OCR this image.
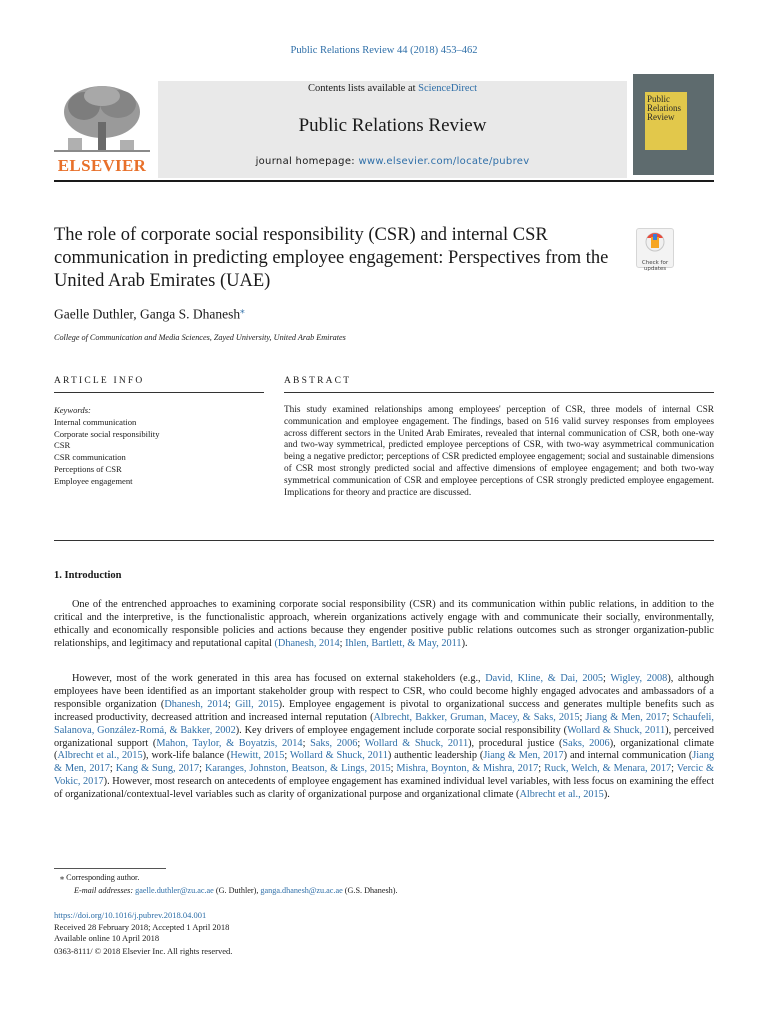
Public Relations Review 44 (2018) 453–462
ELSEVIER
Contents lists available at ScienceDirect
Public Relations Review
journal homepage: www.elsevier.com/locate/pubrev
Public Relations Review
The role of corporate social responsibility (CSR) and internal CSR communication in predicting employee engagement: Perspectives from the United Arab Emirates (UAE)
Check for updates
Gaelle Duthler, Ganga S. Dhanesh⁎
College of Communication and Media Sciences, Zayed University, United Arab Emirates
ARTICLE INFO	ABSTRACT
Keywords:
Internal communication
Corporate social responsibility
CSR
CSR communication
Perceptions of CSR
Employee engagement
This study examined relationships among employees' perception of CSR, three models of internal CSR communication and employee engagement. The findings, based on 516 valid survey responses from employees across different sectors in the United Arab Emirates, revealed that internal communication of CSR, both one-way and two-way symmetrical, predicted employee perceptions of CSR, with two-way asymmetrical communication being a negative predictor; perceptions of CSR predicted employee engagement; social and sustainable dimensions of CSR most strongly predicted social and affective dimensions of employee engagement; and both two-way symmetrical communication of CSR and employee perceptions of CSR strongly predicted employee engagement. Implications for theory and practice are discussed.
1. Introduction
One of the entrenched approaches to examining corporate social responsibility (CSR) and its communication within public relations, in addition to the critical and the interpretive, is the functionalistic approach, wherein organizations actively engage with and communicate their socially, environmentally, ethically and economically responsible policies and actions because they engender positive public relations outcomes such as stronger organization-public relationships, and legitimacy and reputational capital (Dhanesh, 2014; Ihlen, Bartlett, & May, 2011).
However, most of the work generated in this area has focused on external stakeholders (e.g., David, Kline, & Dai, 2005; Wigley, 2008), although employees have been identified as an important stakeholder group with respect to CSR, who could become highly engaged advocates and ambassadors of a responsible organization (Dhanesh, 2014; Gill, 2015). Employee engagement is pivotal to organizational success and generates multiple benefits such as increased productivity, decreased attrition and increased internal reputation (Albrecht, Bakker, Gruman, Macey, & Saks, 2015; Jiang & Men, 2017; Schaufeli, Salanova, González-Romá, & Bakker, 2002). Key drivers of employee engagement include corporate social responsibility (Wollard & Shuck, 2011), perceived organizational support (Mahon, Taylor, & Boyatzis, 2014; Saks, 2006; Wollard & Shuck, 2011), procedural justice (Saks, 2006), organizational climate (Albrecht et al., 2015), work-life balance (Hewitt, 2015; Wollard & Shuck, 2011) authentic leadership (Jiang & Men, 2017) and internal communication (Jiang & Men, 2017; Kang & Sung, 2017; Karanges, Johnston, Beatson, & Lings, 2015; Mishra, Boynton, & Mishra, 2017; Ruck, Welch, & Menara, 2017; Vercic & Vokic, 2017). However, most research on antecedents of employee engagement has examined individual level variables, with less focus on examining the effect of organizational/contextual-level variables such as clarity of organizational purpose and organizational climate (Albrecht et al., 2015).
⁎ Corresponding author.
E-mail addresses: gaelle.duthler@zu.ac.ae (G. Duthler), ganga.dhanesh@zu.ac.ae (G.S. Dhanesh).
https://doi.org/10.1016/j.pubrev.2018.04.001
Received 28 February 2018; Accepted 1 April 2018
Available online 10 April 2018
0363-8111/ © 2018 Elsevier Inc. All rights reserved.
